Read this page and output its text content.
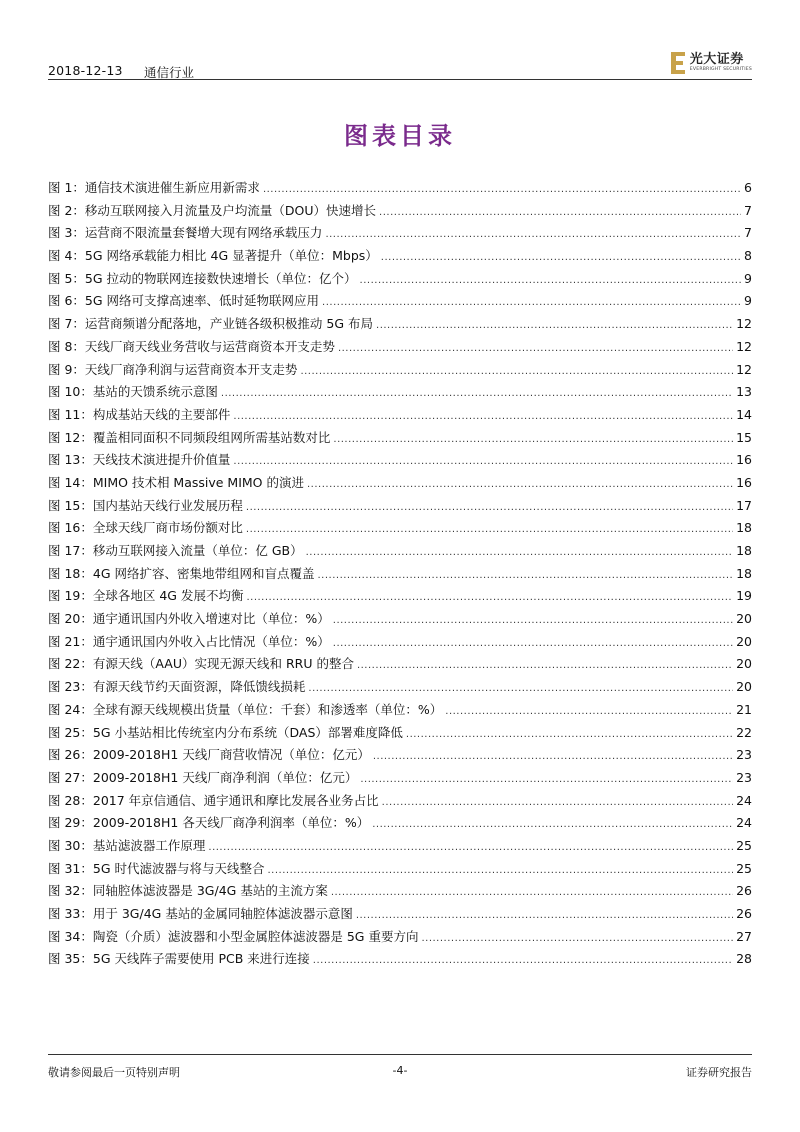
2018-12-13 通信行业
光大证券
EVERBRIGHT SECURITIES
图表目录
图 1：通信技术演进催生新应用新需求 .....	6
图 2：移动互联网接入月流量及户均流量（DOU）快速增长 .....	7
图 3：运营商不限流量套餐增大现有网络承载压力 .....	7
图 4：5G 网络承载能力相比 4G 显著提升（单位：Mbps） .....	8
图 5：5G 拉动的物联网连接数快速增长（单位：亿个） .....	9
图 6：5G 网络可支撑高速率、低时延物联网应用 .....	9
图 7：运营商频谱分配落地，产业链各级积极推动 5G 布局 .....	12
图 8：天线厂商天线业务营收与运营商资本开支走势 .....	12
图 9：天线厂商净利润与运营商资本开支走势 .....	12
图 10：基站的天馈系统示意图 .....	13
图 11：构成基站天线的主要部件 .....	14
图 12：覆盖相同面积不同频段组网所需基站数对比 .....	15
图 13：天线技术演进提升价值量 .....	16
图 14：MIMO 技术相 Massive MIMO 的演进 .....	16
图 15：国内基站天线行业发展历程 .....	17
图 16：全球天线厂商市场份额对比 .....	18
图 17：移动互联网接入流量（单位：亿 GB） .....	18
图 18：4G 网络扩容、密集地带组网和盲点覆盖 .....	18
图 19：全球各地区 4G 发展不均衡 .....	19
图 20：通宇通讯国内外收入增速对比（单位：%） .....	20
图 21：通宇通讯国内外收入占比情况（单位：%） .....	20
图 22：有源天线（AAU）实现无源天线和 RRU 的整合 .....	20
图 23：有源天线节约天面资源，降低馈线损耗 .....	20
图 24：全球有源天线规模出货量（单位：千套）和渗透率（单位：%） .....	21
图 25：5G 小基站相比传统室内分布系统（DAS）部署难度降低 .....	22
图 26：2009-2018H1 天线厂商营收情况（单位：亿元） .....	23
图 27：2009-2018H1 天线厂商净利润（单位：亿元） .....	23
图 28：2017 年京信通信、通宇通讯和摩比发展各业务占比 .....	24
图 29：2009-2018H1 各天线厂商净利润率（单位：%） .....	24
图 30：基站滤波器工作原理 .....	25
图 31：5G 时代滤波器与将与天线整合 .....	25
图 32：同轴腔体滤波器是 3G/4G 基站的主流方案 .....	26
图 33：用于 3G/4G 基站的金属同轴腔体滤波器示意图 .....	26
图 34：陶瓷（介质）滤波器和小型金属腔体滤波器是 5G 重要方向 .....	27
图 35：5G 天线阵子需要使用 PCB 来进行连接 .....	28
敬请参阅最后一页特别声明	-4-	证券研究报告
